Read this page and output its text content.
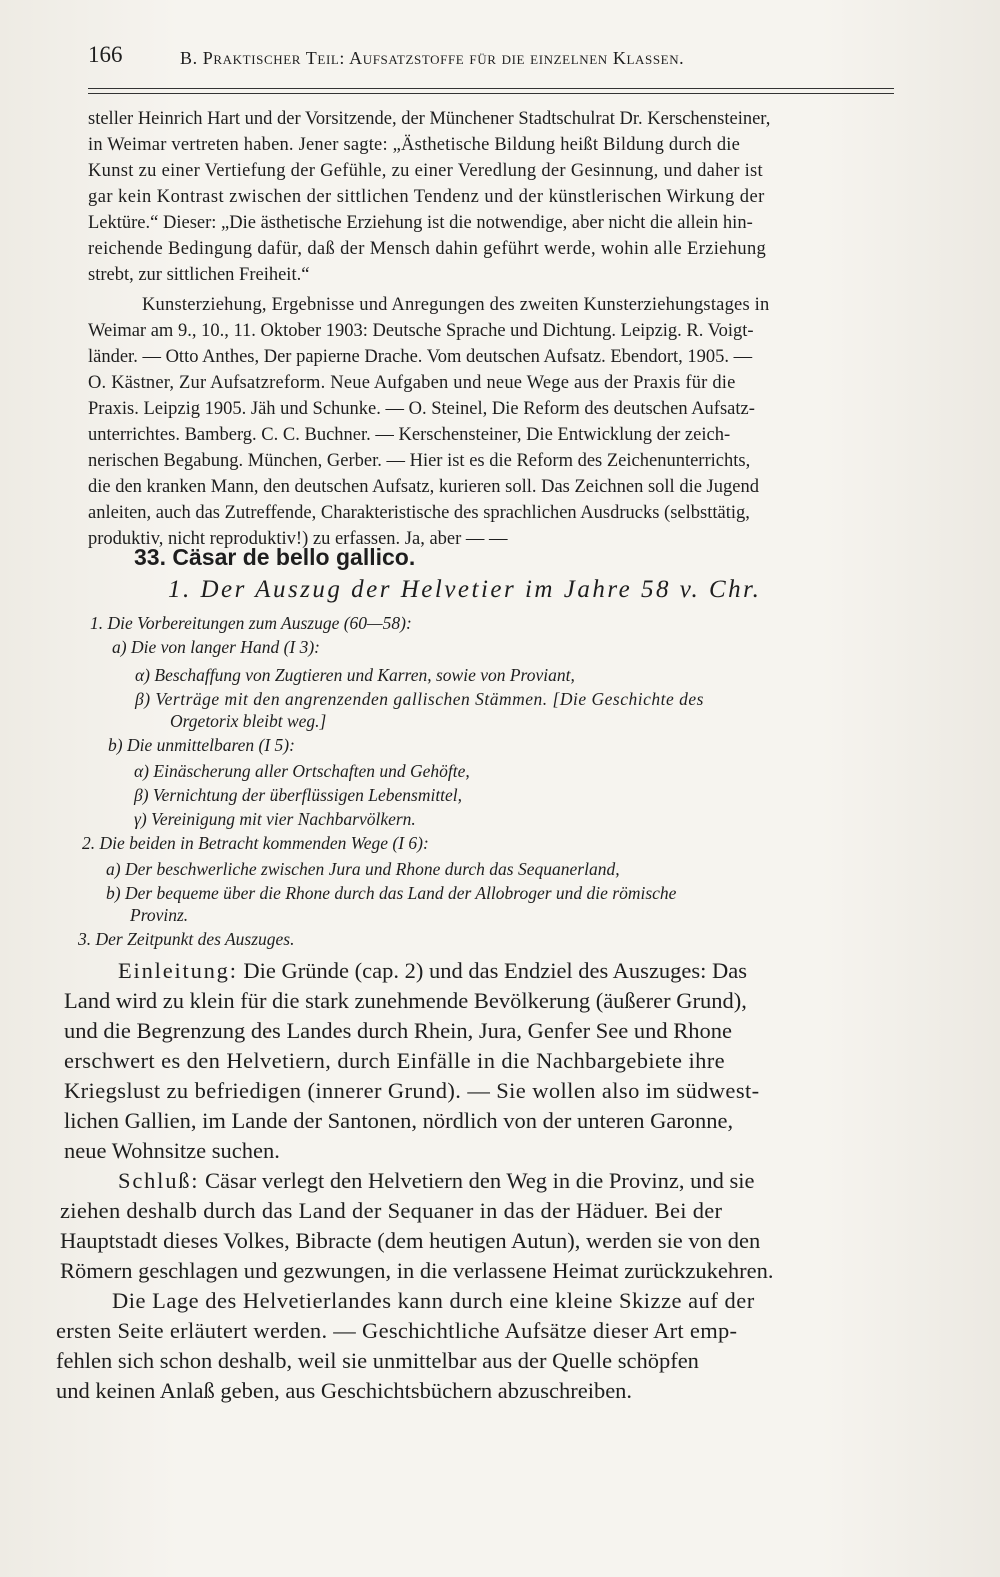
166	B. Praktischer Teil: Aufsatzstoffe für die einzelnen Klassen.
steller Heinrich Hart und der Vorsitzende, der Münchener Stadtschulrat Dr. Kerschensteiner,
in Weimar vertreten haben. Jener sagte: „Ästhetische Bildung heißt Bildung durch die
Kunst zu einer Vertiefung der Gefühle, zu einer Veredlung der Gesinnung, und daher ist
gar kein Kontrast zwischen der sittlichen Tendenz und der künstlerischen Wirkung der
Lektüre.“ Dieser: „Die ästhetische Erziehung ist die notwendige, aber nicht die allein hin-
reichende Bedingung dafür, daß der Mensch dahin geführt werde, wohin alle Erziehung
strebt, zur sittlichen Freiheit.“
Kunsterziehung, Ergebnisse und Anregungen des zweiten Kunsterziehungstages in
Weimar am 9., 10., 11. Oktober 1903: Deutsche Sprache und Dichtung. Leipzig. R. Voigt-
länder. — Otto Anthes, Der papierne Drache. Vom deutschen Aufsatz. Ebendort, 1905. —
O. Kästner, Zur Aufsatzreform. Neue Aufgaben und neue Wege aus der Praxis für die
Praxis. Leipzig 1905. Jäh und Schunke. — O. Steinel, Die Reform des deutschen Aufsatz-
unterrichtes. Bamberg. C. C. Buchner. — Kerschensteiner, Die Entwicklung der zeich-
nerischen Begabung. München, Gerber. — Hier ist es die Reform des Zeichenunterrichts,
die den kranken Mann, den deutschen Aufsatz, kurieren soll. Das Zeichnen soll die Jugend
anleiten, auch das Zutreffende, Charakteristische des sprachlichen Ausdrucks (selbsttätig,
produktiv, nicht reproduktiv!) zu erfassen. Ja, aber — —
33. Cäsar de bello gallico.
1. Der Auszug der Helvetier im Jahre 58 v. Chr.
1. Die Vorbereitungen zum Auszuge (60—58):
a) Die von langer Hand (I 3):
α) Beschaffung von Zugtieren und Karren, sowie von Proviant,
β) Verträge mit den angrenzenden gallischen Stämmen. [Die Geschichte des
Orgetorix bleibt weg.]
b) Die unmittelbaren (I 5):
α) Einäscherung aller Ortschaften und Gehöfte,
β) Vernichtung der überflüssigen Lebensmittel,
γ) Vereinigung mit vier Nachbarvölkern.
2. Die beiden in Betracht kommenden Wege (I 6):
a) Der beschwerliche zwischen Jura und Rhone durch das Sequanerland,
b) Der bequeme über die Rhone durch das Land der Allobroger und die römische
Provinz.
3. Der Zeitpunkt des Auszuges.
Einleitung: Die Gründe (cap. 2) und das Endziel des Auszuges: Das
Land wird zu klein für die stark zunehmende Bevölkerung (äußerer Grund),
und die Begrenzung des Landes durch Rhein, Jura, Genfer See und Rhone
erschwert es den Helvetiern, durch Einfälle in die Nachbargebiete ihre
Kriegslust zu befriedigen (innerer Grund). — Sie wollen also im südwest-
lichen Gallien, im Lande der Santonen, nördlich von der unteren Garonne,
neue Wohnsitze suchen.
Schluß: Cäsar verlegt den Helvetiern den Weg in die Provinz, und sie
ziehen deshalb durch das Land der Sequaner in das der Häduer. Bei der
Hauptstadt dieses Volkes, Bibracte (dem heutigen Autun), werden sie von den
Römern geschlagen und gezwungen, in die verlassene Heimat zurückzukehren.
Die Lage des Helvetierlandes kann durch eine kleine Skizze auf der
ersten Seite erläutert werden. — Geschichtliche Aufsätze dieser Art emp-
fehlen sich schon deshalb, weil sie unmittelbar aus der Quelle schöpfen
und keinen Anlaß geben, aus Geschichtsbüchern abzuschreiben.
